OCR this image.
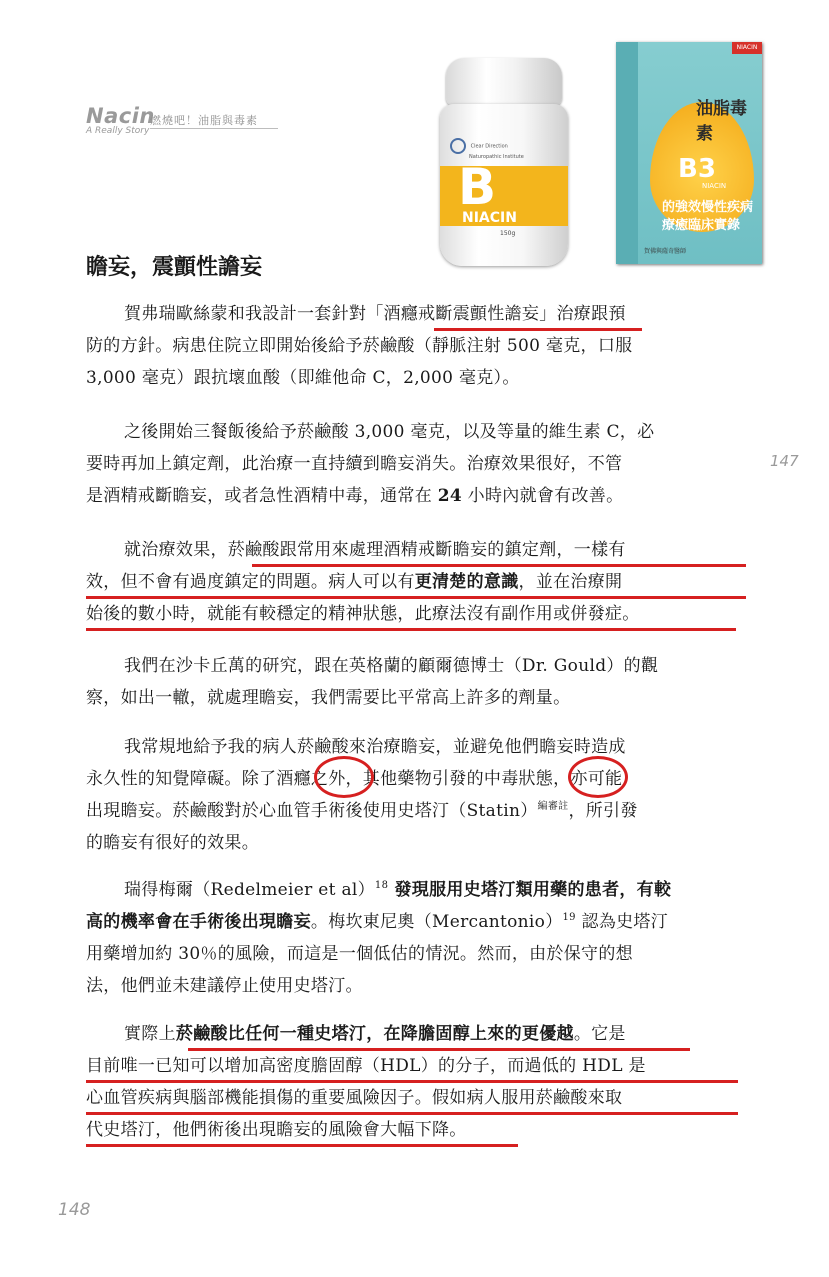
Nacin
A Really Story
燃燒吧！油脂與毒素
Clear Direction
Naturopathic Institute
B
NIACIN
150g
NIACIN
油脂毒素
B3
NIACIN
的強效慢性疾病
療癒臨床實錄
賀佛與薩奇醫師
瞻妄，震顫性譫妄
賀弗瑞歐絲蒙和我設計一套針對「酒癮戒斷震顫性譫妄」治療跟預
防的方針。病患住院立即開始後給予菸鹼酸（靜脈注射 500 毫克，口服
3,000 毫克）跟抗壞血酸（即維他命 C，2,000 毫克）。
之後開始三餐飯後給予菸鹼酸 3,000 毫克，以及等量的維生素 C，必
要時再加上鎮定劑，此治療一直持續到瞻妄消失。治療效果很好，不管
是酒精戒斷瞻妄，或者急性酒精中毒，通常在 24 小時內就會有改善。
就治療效果，菸鹼酸跟常用來處理酒精戒斷瞻妄的鎮定劑，一樣有
效，但不會有過度鎮定的問題。病人可以有更清楚的意識，並在治療開
始後的數小時，就能有較穩定的精神狀態，此療法沒有副作用或併發症。
我們在沙卡丘萬的研究，跟在英格蘭的顧爾德博士（Dr. Gould）的觀
察，如出一轍，就處理瞻妄，我們需要比平常高上許多的劑量。
我常規地給予我的病人菸鹼酸來治療瞻妄，並避免他們瞻妄時造成
永久性的知覺障礙。除了酒癮之外，其他藥物引發的中毒狀態，亦可能
出現瞻妄。菸鹼酸對於心血管手術後使用史塔汀（Statin）$^{編審註}$，所引發
的瞻妄有很好的效果。
瑞得梅爾（Redelmeier et al）$^{18}$ 發現服用史塔汀類用藥的患者，有較
高的機率會在手術後出現瞻妄。梅坎東尼奧（Mercantonio）$^{19}$ 認為史塔汀
用藥增加約 30％的風險，而這是一個低估的情況。然而，由於保守的想
法，他們並未建議停止使用史塔汀。
實際上菸鹼酸比任何一種史塔汀，在降膽固醇上來的更優越。它是
目前唯一已知可以增加高密度膽固醇（HDL）的分子，而過低的 HDL 是
心血管疾病與腦部機能損傷的重要風險因子。假如病人服用菸鹼酸來取
代史塔汀，他們術後出現瞻妄的風險會大幅下降。
147
148
